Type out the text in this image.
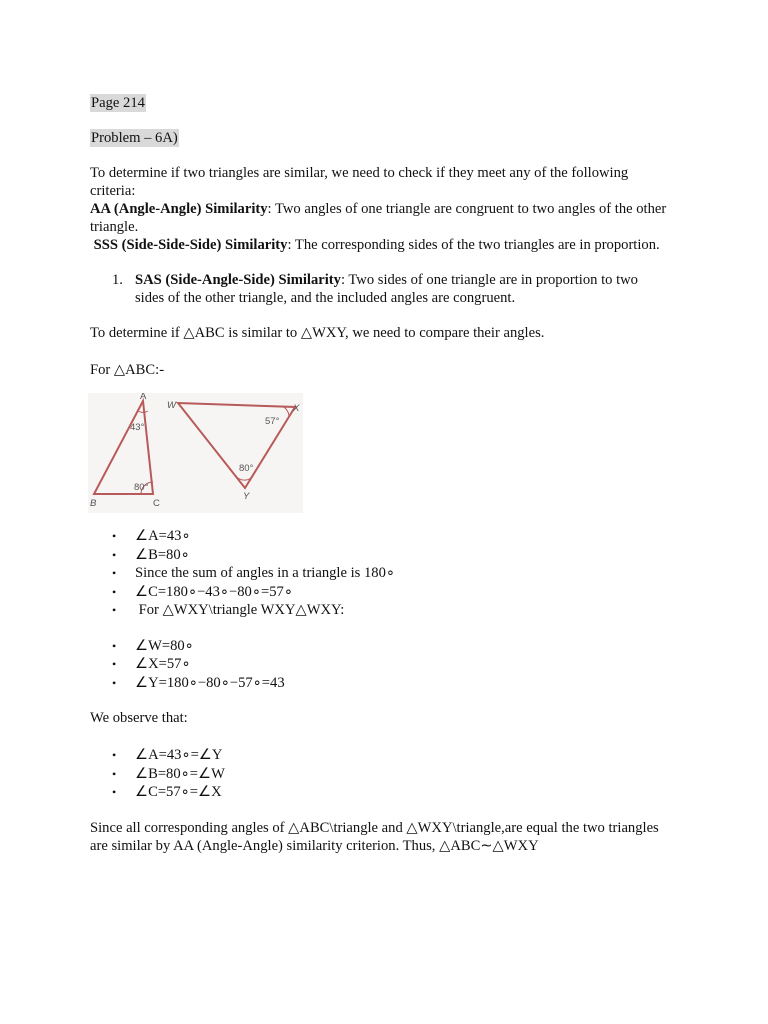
Page 214

Problem – 6A)

To determine if two triangles are similar, we need to check if they meet any of the following criteria:

AA (Angle-Angle) Similarity: Two angles of one triangle are congruent to two angles of the other triangle.

SSS (Side-Side-Side) Similarity: The corresponding sides of the two triangles are in proportion.

1. SAS (Side-Angle-Side) Similarity: Two sides of one triangle are in proportion to two sides of the other triangle, and the included angles are congruent.

To determine if △ABC is similar to △WXY, we need to compare their angles.

For △ABC:-

A
B	C
43°
80°
W	X
Y
57°
80°
• ∠A=43∘
• ∠B=80∘
• Since the sum of angles in a triangle is 180∘
• ∠C=180∘−43∘−80∘=57∘
• For △WXY\triangle WXY△WXY:
• ∠W=80∘
• ∠X=57∘
• ∠Y=180∘−80∘−57∘=43

We observe that:

• ∠A=43∘=∠Y
• ∠B=80∘=∠W
• ∠C=57∘=∠X

Since all corresponding angles of △ABC\triangle and △WXY\triangle,are equal the two triangles are similar by AA (Angle-Angle) similarity criterion. Thus, △ABC∼△WXY
